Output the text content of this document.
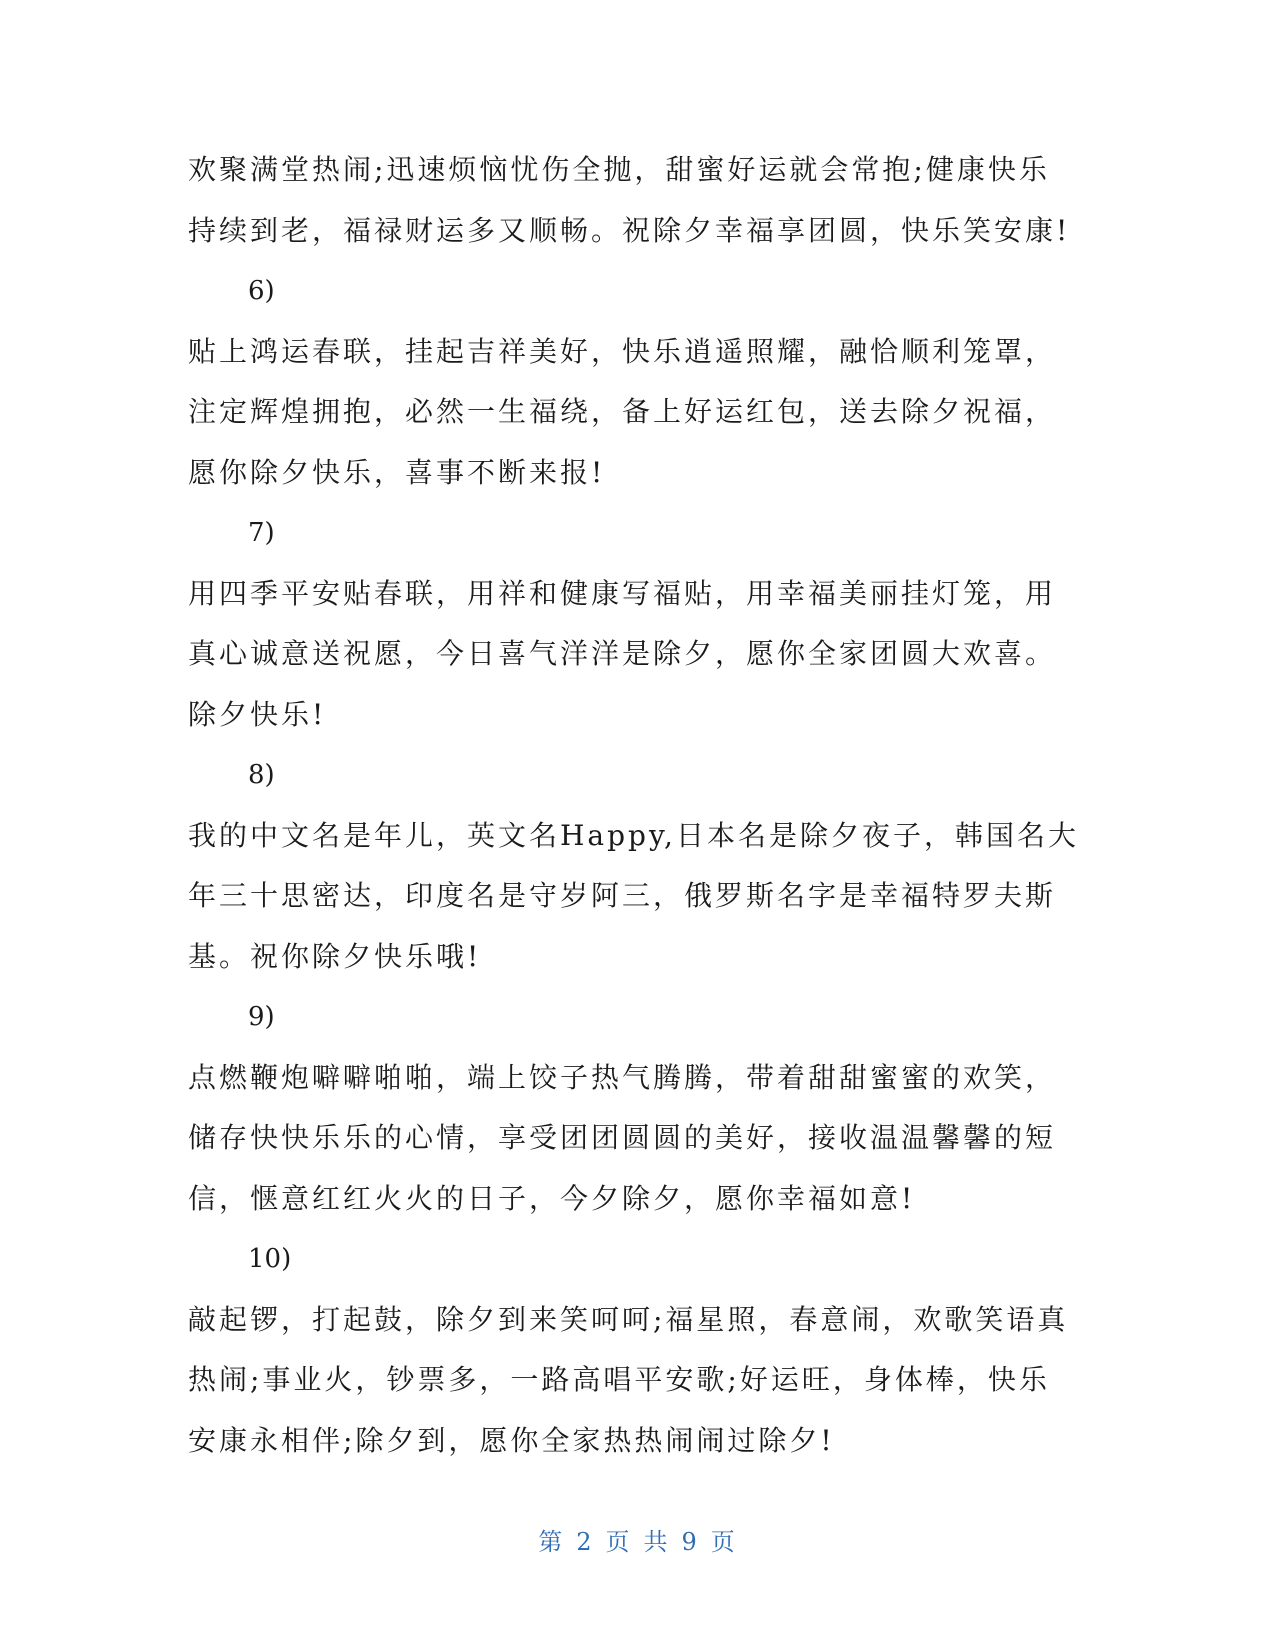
欢聚满堂热闹;迅速烦恼忧伤全抛，甜蜜好运就会常抱;健康快乐
持续到老，福禄财运多又顺畅。祝除夕幸福享团圆，快乐笑安康!
6)
贴上鸿运春联，挂起吉祥美好，快乐逍遥照耀，融恰顺利笼罩，
注定辉煌拥抱，必然一生福绕，备上好运红包，送去除夕祝福，
愿你除夕快乐，喜事不断来报!
7)
用四季平安贴春联，用祥和健康写福贴，用幸福美丽挂灯笼，用
真心诚意送祝愿，今日喜气洋洋是除夕，愿你全家团圆大欢喜。
除夕快乐!
8)
我的中文名是年儿，英文名Happy,日本名是除夕夜子，韩国名大
年三十思密达，印度名是守岁阿三，俄罗斯名字是幸福特罗夫斯
基。祝你除夕快乐哦!
9)
点燃鞭炮噼噼啪啪，端上饺子热气腾腾，带着甜甜蜜蜜的欢笑，
储存快快乐乐的心情，享受团团圆圆的美好，接收温温馨馨的短
信，惬意红红火火的日子，今夕除夕，愿你幸福如意!
10)
敲起锣，打起鼓，除夕到来笑呵呵;福星照，春意闹，欢歌笑语真
热闹;事业火，钞票多，一路高唱平安歌;好运旺，身体棒，快乐
安康永相伴;除夕到，愿你全家热热闹闹过除夕!
第 2 页 共 9 页
